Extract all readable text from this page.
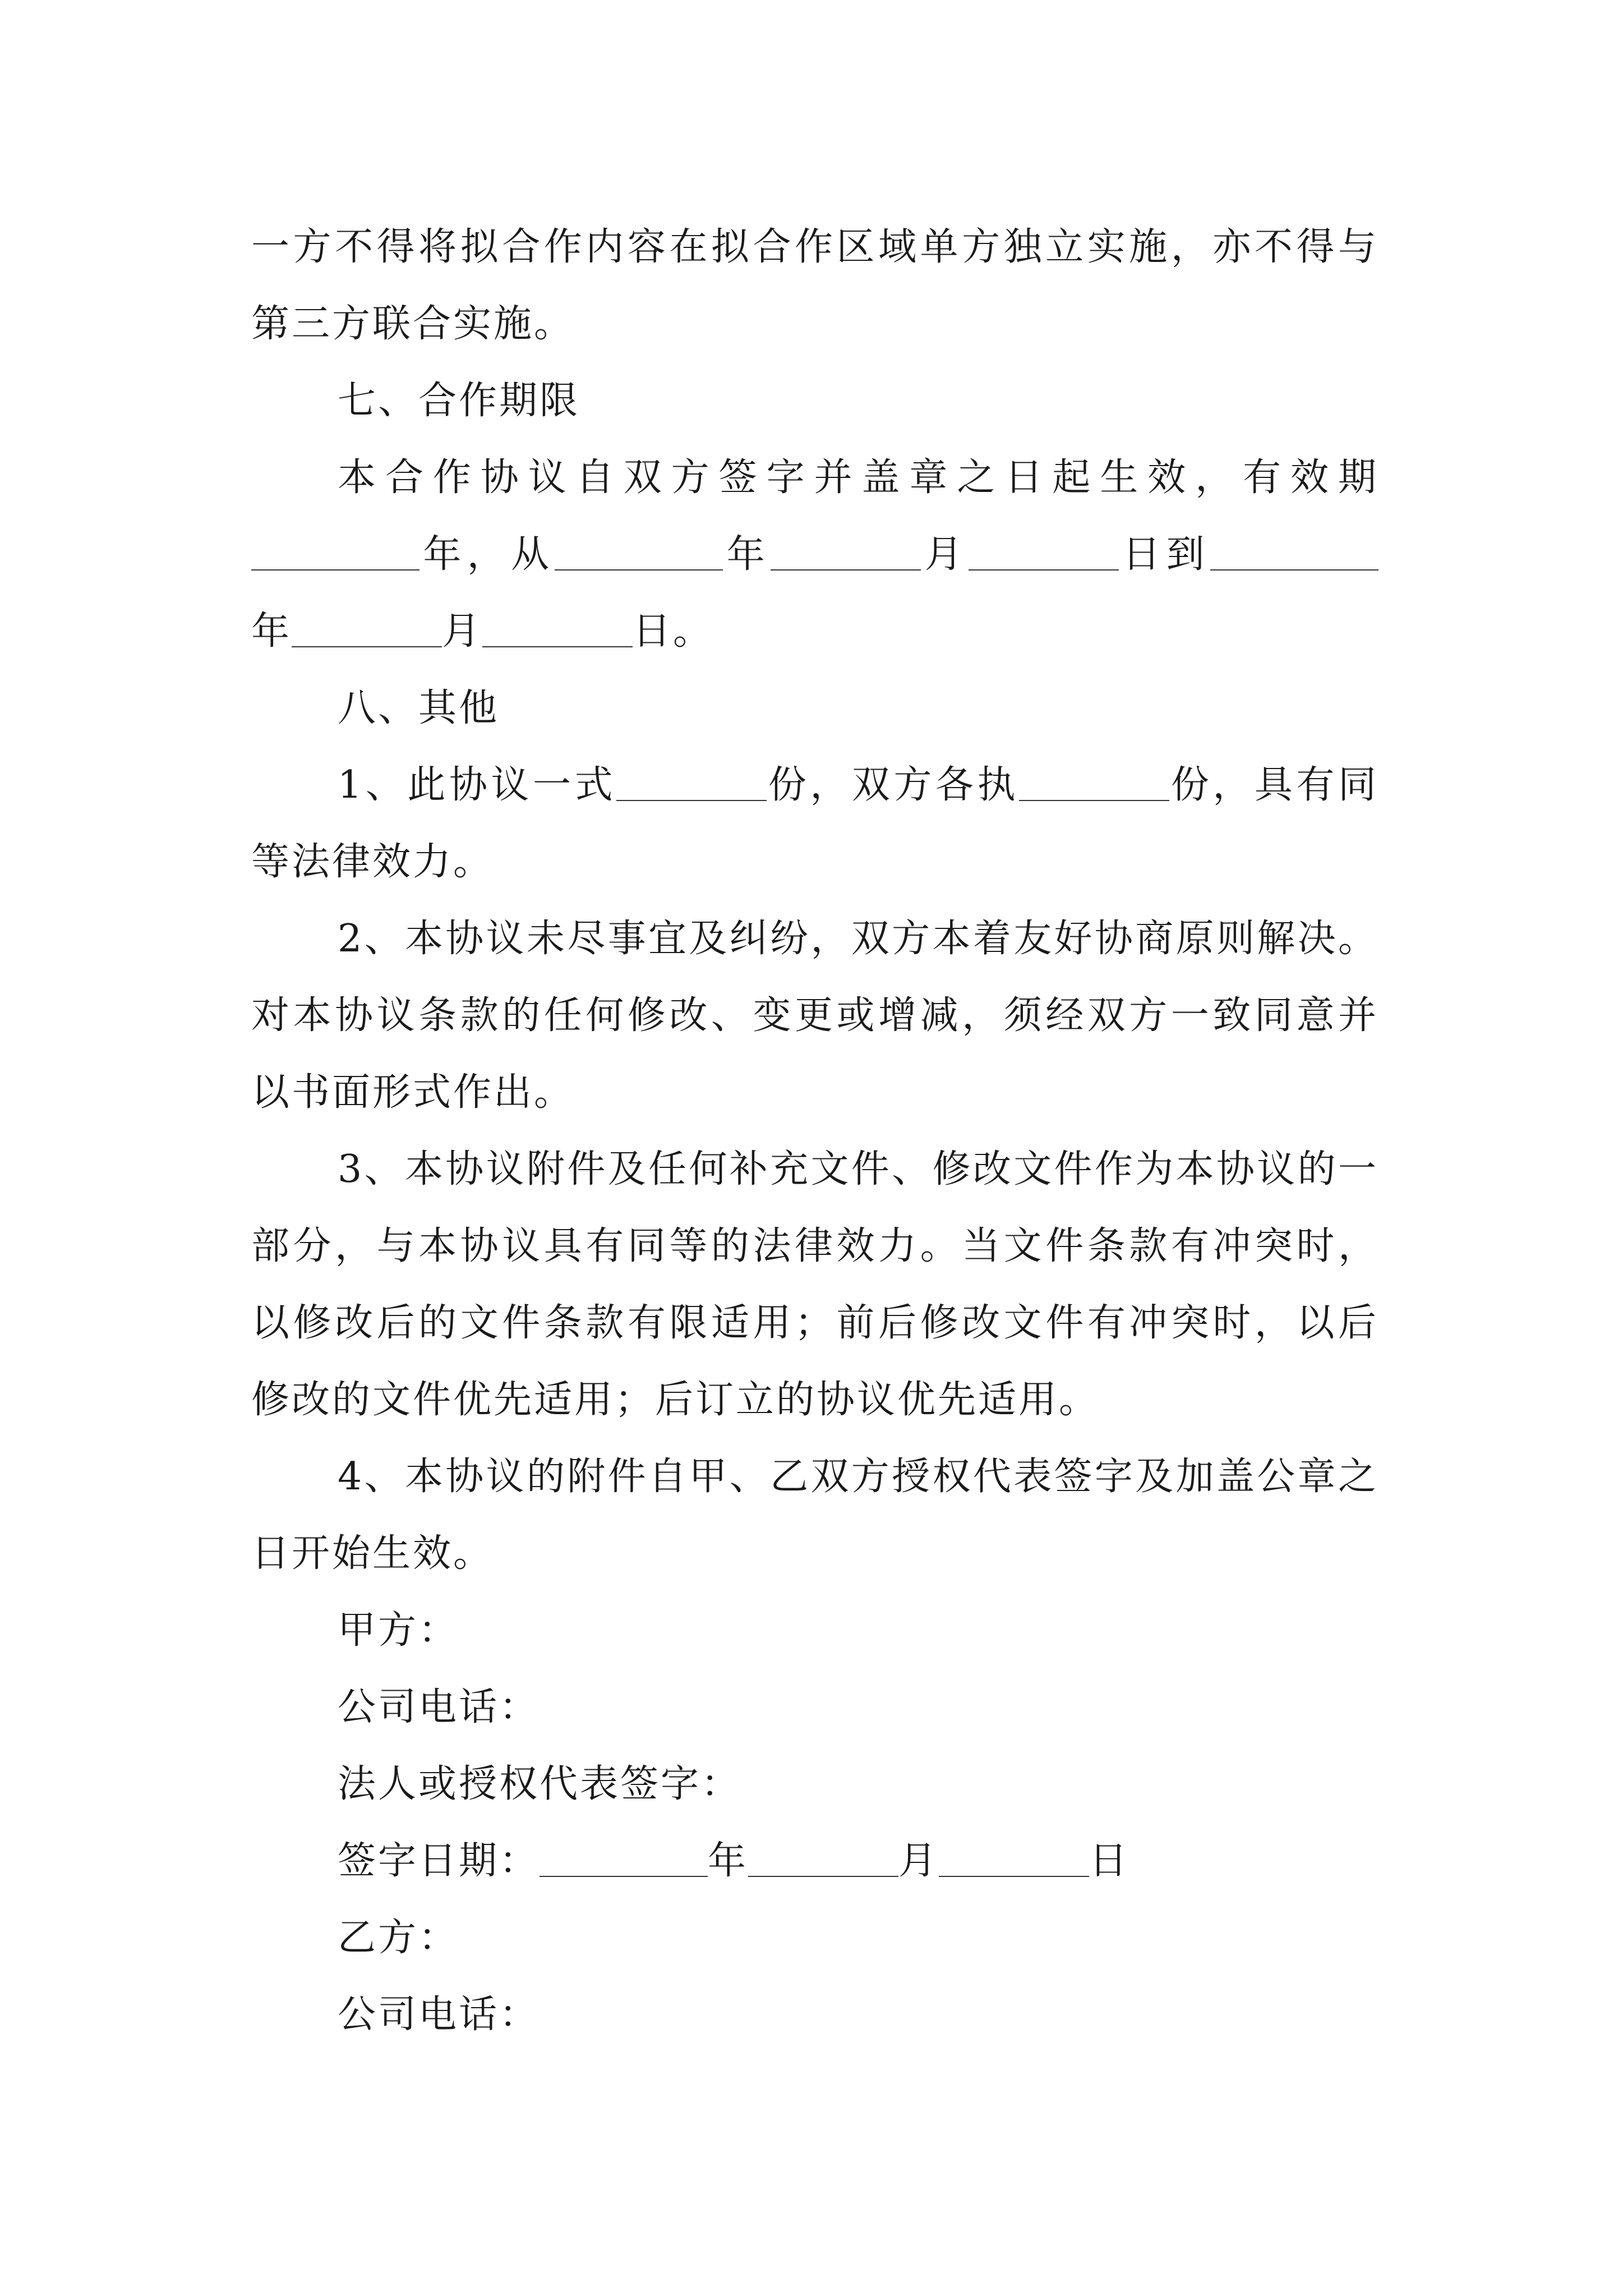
一方不得将拟合作内容在拟合作区域单方独立实施，亦不得与第三方联合实施。

七、合作期限

本合作协议自双方签字并盖章之日起生效，有效期年，从	年	月	日到年	月	日。

八、其他

1、此协议一式	份，双方各执	份，具有同等法律效力。

2、本协议未尽事宜及纠纷，双方本着友好协商原则解决。对本协议条款的任何修改、变更或增减，须经双方一致同意并以书面形式作出。

3、本协议附件及任何补充文件、修改文件作为本协议的一部分，与本协议具有同等的法律效力。当文件条款有冲突时，以修改后的文件条款有限适用；前后修改文件有冲突时，以后修改的文件优先适用；后订立的协议优先适用。

4、本协议的附件自甲、乙双方授权代表签字及加盖公章之日开始生效。

甲方：

公司电话：

法人或授权代表签字：

签字日期：	年	月	日

乙方：

公司电话：
